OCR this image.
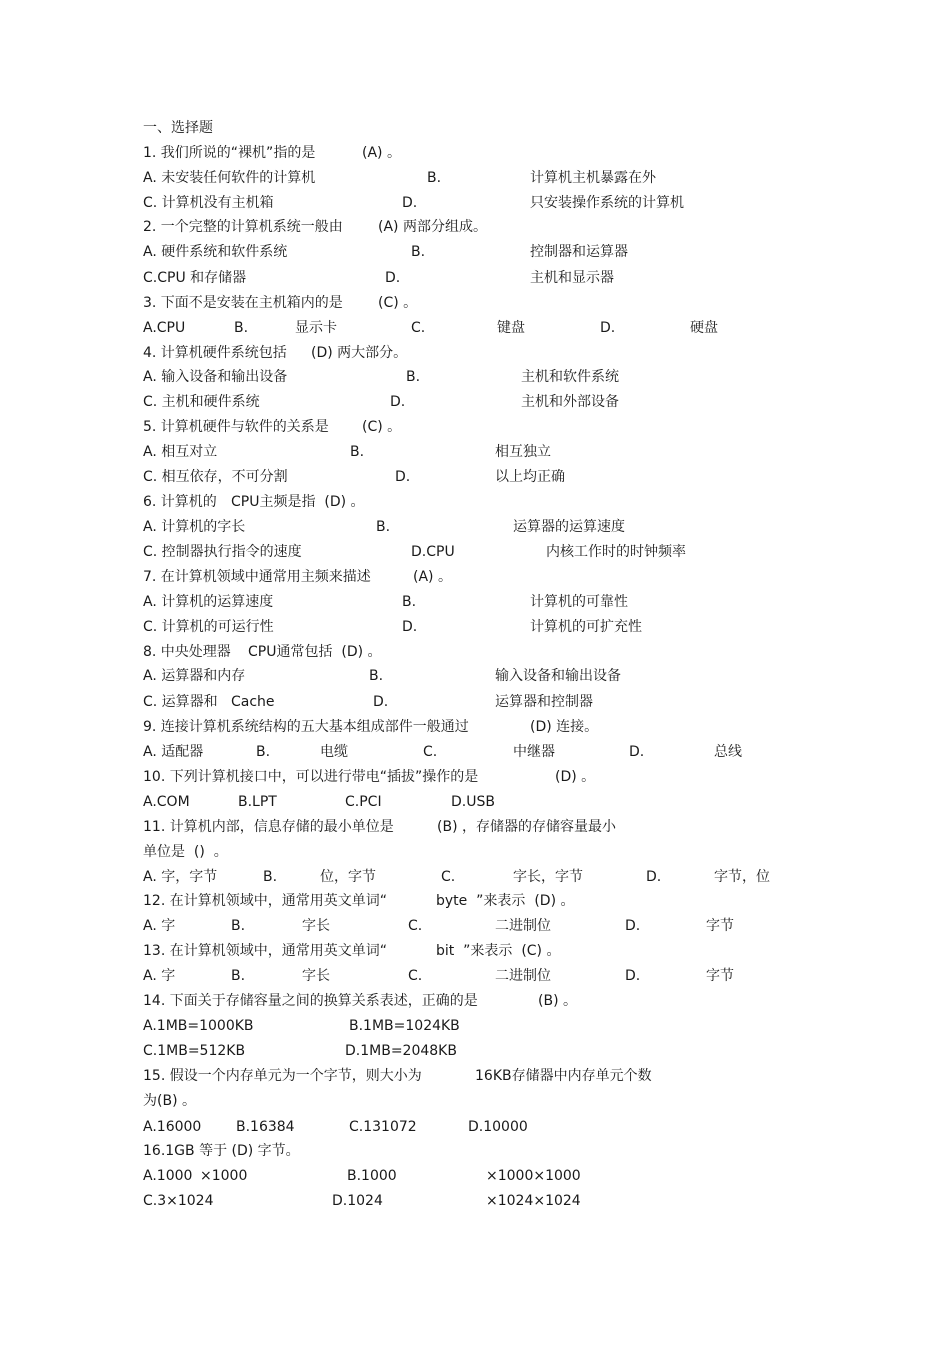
一、选择题
1. 我们所说的“裸机”指的是	(A) 。
A. 未安装任何软件的计算机	B.	计算机主机暴露在外
C. 计算机没有主机箱	D.	只安装操作系统的计算机
2. 一个完整的计算机系统一般由	(A) 两部分组成。
A. 硬件系统和软件系统	B.	控制器和运算器
C.CPU 和存储器	D.	主机和显示器
3. 下面不是安装在主机箱内的是	(C) 。
A.CPU	B.	显示卡	C.	键盘	D.	硬盘
4. 计算机硬件系统包括 (D) 两大部分。
A. 输入设备和输出设备	B.	主机和软件系统
C. 主机和硬件系统	D.	主机和外部设备
5. 计算机硬件与软件的关系是 (C) 。
A. 相互对立	B.	相互独立
C. 相互依存，不可分割	D.	以上均正确
6. 计算机的 CPU主频是指  (D) 。
A. 计算机的字长	B.	运算器的运算速度
C. 控制器执行指令的速度	D.CPU	内核工作时的时钟频率
7. 在计算机领域中通常用主频来描述	(A) 。
A. 计算机的运算速度	B.	计算机的可靠性
C. 计算机的可运行性	D.	计算机的可扩充性
8. 中央处理器 CPU通常包括  (D) 。
A. 运算器和内存	B.	输入设备和输出设备
C. 运算器和 Cache	D.	运算器和控制器
9. 连接计算机系统结构的五大基本组成部件一般通过	(D) 连接。
A. 适配器	B.	电缆	C.	中继器	D.	总线
10. 下列计算机接口中，可以进行带电“插拔”操作的是	(D) 。
A.COM	B.LPT	C.PCI	D.USB
11. 计算机内部，信息存储的最小单位是	(B) ，存储器的存储容量最小
单位是  ()  。
A. 字，字节	B.	位，字节	C.	字长，字节	D.	字节，位
12. 在计算机领域中，通常用英文单词“	byte  ”来表示  (D) 。
A. 字	B.	字长	C.	二进制位	D.	字节
13. 在计算机领域中，通常用英文单词“	bit  ”来表示  (C) 。
A. 字	B.	字长	C.	二进制位	D.	字节
14. 下面关于存储容量之间的换算关系表述，正确的是	(B) 。
A.1MB=1000KB	B.1MB=1024KB
C.1MB=512KB	D.1MB=2048KB
15. 假设一个内存单元为一个字节，则大小为	16KB存储器中内存单元个数
为(B) 。
A.16000 B.16384	C.131072	D.10000
16.1GB 等于 (D) 字节。
A.1000 ×1000	B.1000	×1000×1000
C.3×1024	D.1024	×1024×1024
